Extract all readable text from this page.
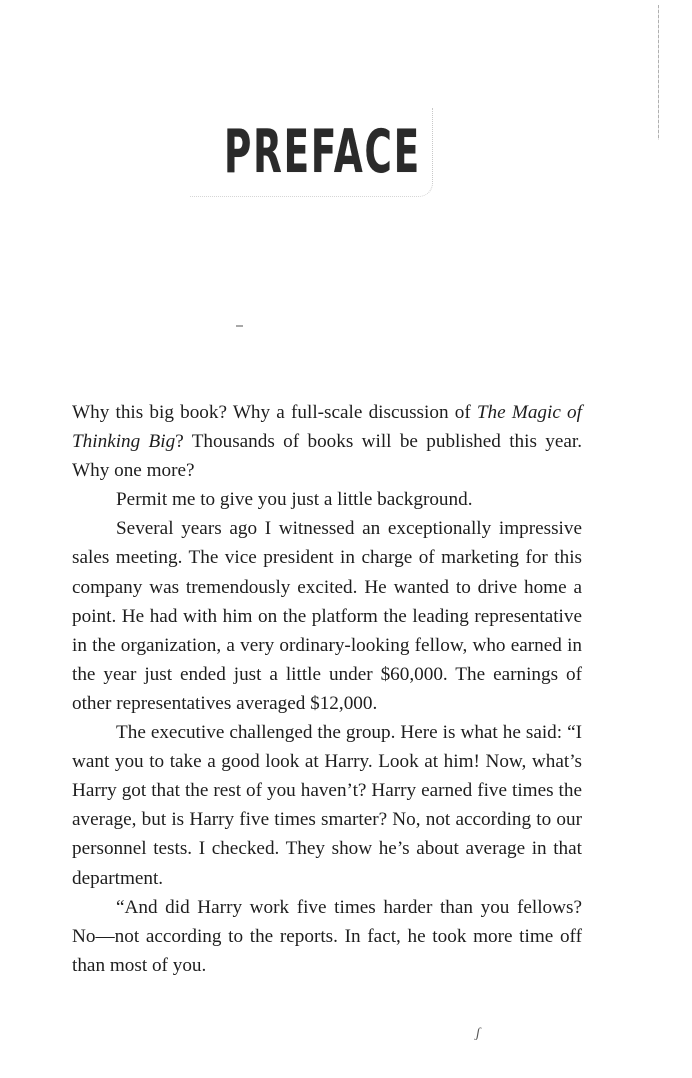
PREFACE

Why this big book? Why a full-scale discussion of The Magic of Thinking Big? Thousands of books will be published this year. Why one more?

Permit me to give you just a little background.

Several years ago I witnessed an exceptionally impressive sales meeting. The vice president in charge of marketing for this company was tremendously excited. He wanted to drive home a point. He had with him on the platform the leading representative in the organization, a very ordinary-looking fellow, who earned in the year just ended just a little under $60,000. The earnings of other representatives averaged $12,000.

The executive challenged the group. Here is what he said: “I want you to take a good look at Harry. Look at him! Now, what’s Harry got that the rest of you haven’t? Harry earned five times the average, but is Harry five times smarter? No, not according to our personnel tests. I checked. They show he’s about average in that department.

“And did Harry work five times harder than you fellows? No—not according to the reports. In fact, he took more time off than most of you.

ʃ
